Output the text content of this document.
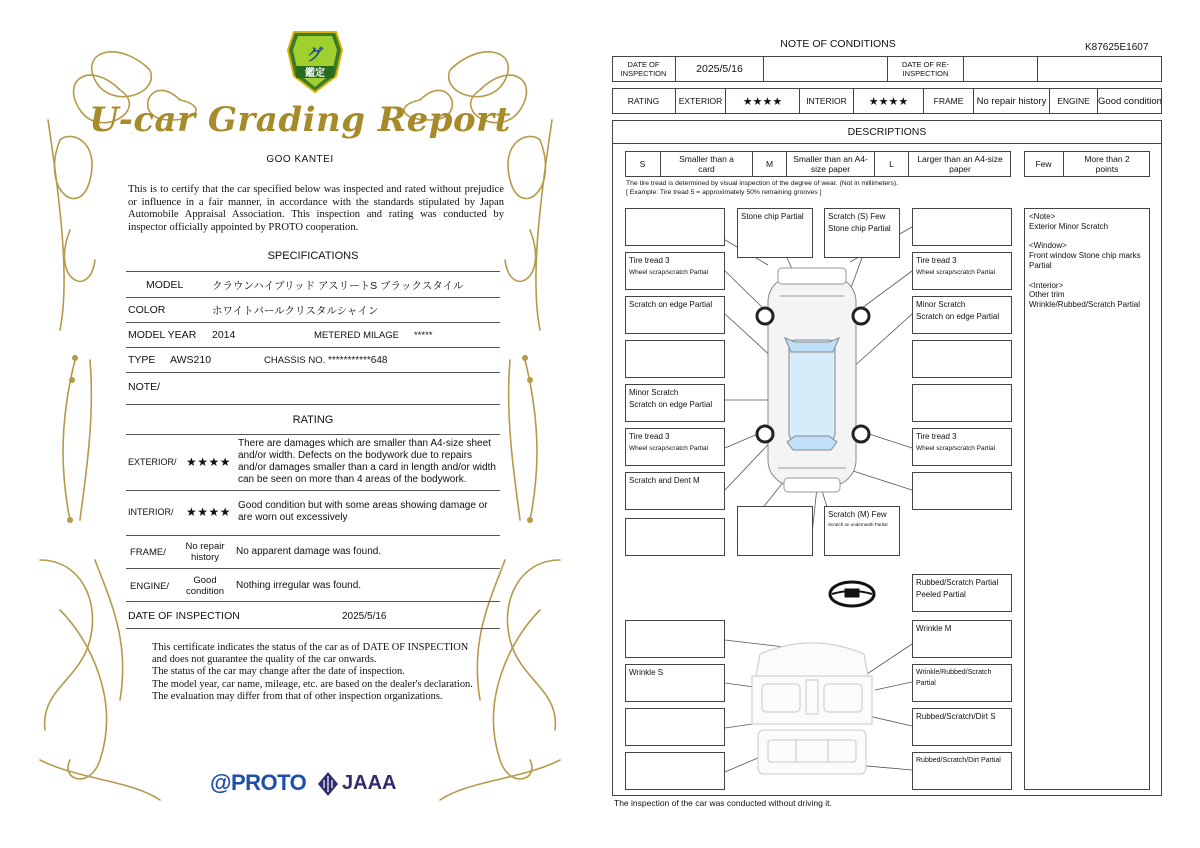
グ
鑑定
U-car Grading Report
GOO KANTEI
This is to certify that the car specified below was inspected and rated without prejudice or influence in a fair manner, in accordance with the standards stipulated by Japan Automobile Appraisal Association. This inspection and rating was conducted by inspector officially appointed by PROTO cooperation.
SPECIFICATIONS
MODEL	クラウンハイブリッド アスリートS ブラックスタイル
COLOR	ホワイトパールクリスタルシャイン
MODEL YEAR	2014	METERED MILAGE	*****
TYPE	AWS210	CHASSIS NO. ***********648
NOTE/
RATING
EXTERIOR/ ★★★★
There are damages which are smaller than A4-size sheet and/or width. Defects on the bodywork due to repairs and/or damages smaller than a card in length and/or width can be seen on more than 4 areas of the bodywork.
INTERIOR/	★★★★ Good condition but with some areas showing damage or are worn out excessively
FRAME/	No repair history
No apparent damage was found.
ENGINE/	Good condition
Nothing irregular was found.
DATE OF INSPECTION	2025/5/16
This certificate indicates the status of the car as of DATE OF INSPECTION and does not guarantee the quality of the car onwards.
The status of the car may change after the date of inspection.
The model year, car name, mileage, etc. are based on the dealer's declaration.
The evaluation may differ from that of other inspection organizations.
@PROTO JAAA
NOTE OF CONDITIONS	K87625E1607
DATE OF INSPECTION	2025/5/16	DATE OF RE-INSPECTION
RATING	EXTERIOR	★★★★	INTERIOR	★★★★	FRAME	No repair history	ENGINE Good condition
DESCRIPTIONS
S	Smaller than a card	M	Smaller than an A4-size paper	L	Larger than an A4-size paper	Few	More than 2 points
The tire tread is determined by visual inspection of the degree of wear. (Not in millimeters).
[ Example: Tire tread 5 = approximately 50% remaining grooves ]
Stone chip Partial	Scratch (S) Few
Stone chip Partial
Tire tread 3
Wheel scrap/scratch Partial
Scratch on edge Partial
Minor Scratch
Scratch on edge Partial
Tire tread 3
Wheel scrap/scratch Partial
Scratch and Dent M
Scratch (M) Few
Scratch on underneath Partial
Tire tread 3
Wheel scrap/scratch Partial
Minor Scratch
Scratch on edge Partial
Tire tread 3
Wheel scrap/scratch Partial
Rubbed/Scratch Partial
Peeled Partial
Wrinkle M
Wrinkle S	Wrinkle/Rubbed/Scratch Partial
Rubbed/Scratch/Dirt S
Rubbed/Scratch/Dirt Partial
<Note>
Exterior Minor Scratch

<Window>
Front window Stone chip marks Partial

<Interior>
Other trim
Wrinkle/Rubbed/Scratch Partial
The inspection of the car was conducted without driving it.
